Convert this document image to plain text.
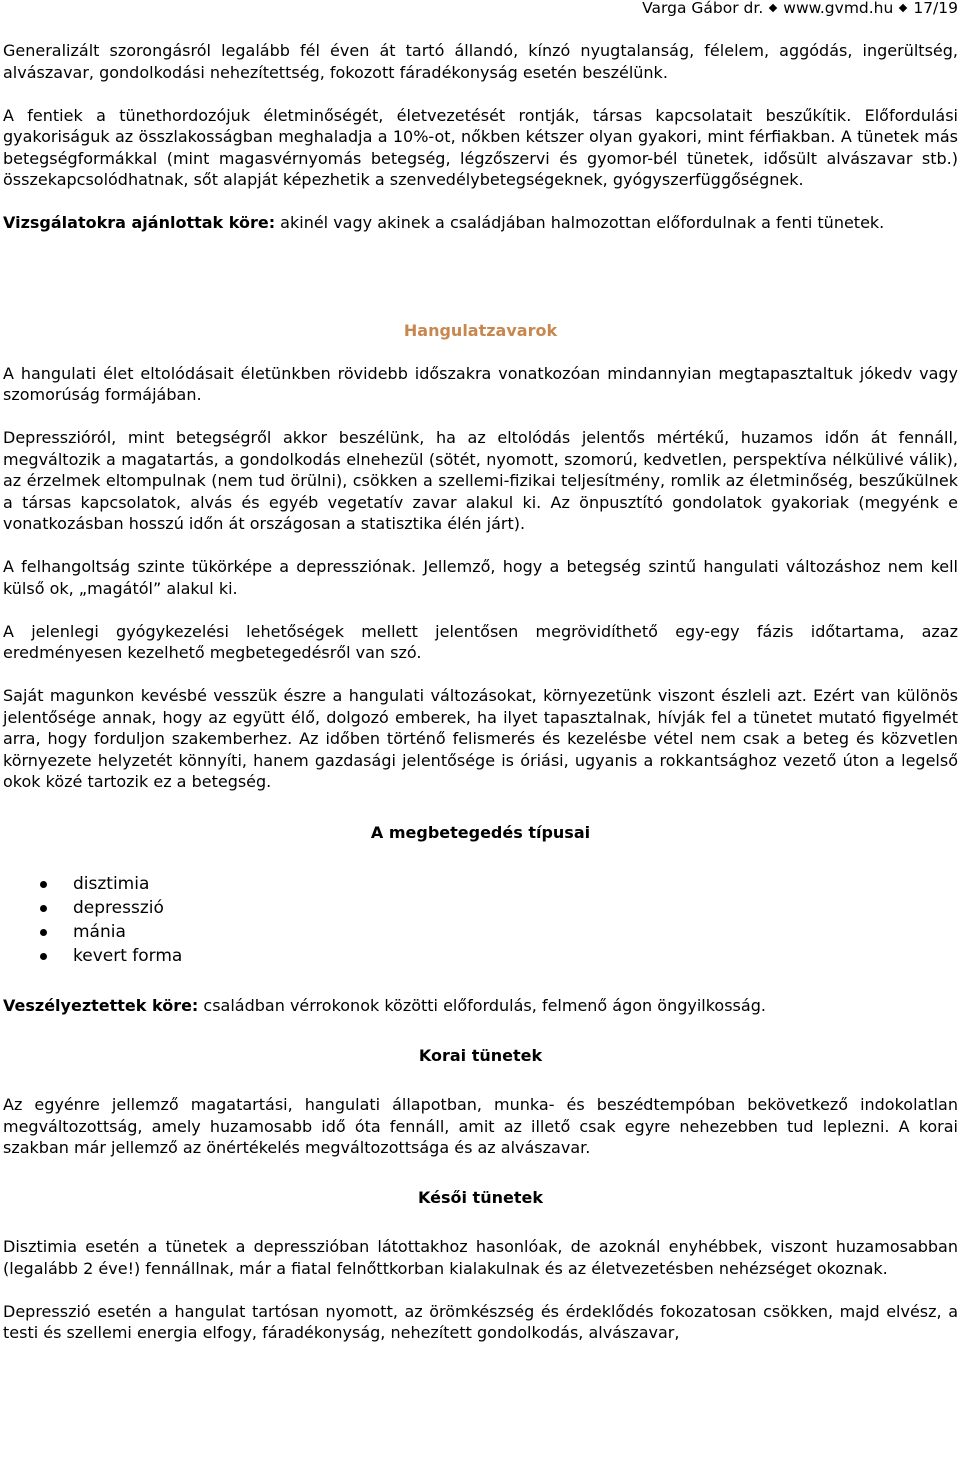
Varga Gábor dr. www.gvmd.hu 17/19

Generalizált szorongásról legalább fél éven át tartó állandó, kínzó nyugtalanság, félelem, aggódás, ingerültség, alvászavar, gondolkodási nehezítettség, fokozott fáradékonyság esetén beszélünk.

A fentiek a tünethordozójuk életminőségét, életvezetését rontják, társas kapcsolatait beszűkítik. Előfordulási gyakoriságuk az összlakosságban meghaladja a 10%-ot, nőkben kétszer olyan gyakori, mint férfiakban. A tünetek más betegségformákkal (mint magasvérnyomás betegség, légzőszervi és gyomor-bél tünetek, idősült alvászavar stb.) összekapcsolódhatnak, sőt alapját képezhetik a szenvedélybetegségeknek, gyógyszerfüggőségnek.

Vizsgálatokra ajánlottak köre: akinél vagy akinek a családjában halmozottan előfordulnak a fenti tünetek.

Hangulatzavarok

A hangulati élet eltolódásait életünkben rövidebb időszakra vonatkozóan mindannyian megtapasztaltuk jókedv vagy szomorúság formájában.

Depresszióról, mint betegségről akkor beszélünk, ha az eltolódás jelentős mértékű, huzamos időn át fennáll, megváltozik a magatartás, a gondolkodás elnehezül (sötét, nyomott, szomorú, kedvetlen, perspektíva nélkülivé válik), az érzelmek eltompulnak (nem tud örülni), csökken a szellemi-fizikai teljesítmény, romlik az életminőség, beszűkülnek a társas kapcsolatok, alvás és egyéb vegetatív zavar alakul ki. Az önpusztító gondolatok gyakoriak (megyénk e vonatkozásban hosszú időn át országosan a statisztika élén járt).

A felhangoltság szinte tükörképe a depressziónak. Jellemző, hogy a betegség szintű hangulati változáshoz nem kell külső ok, „magától” alakul ki.

A jelenlegi gyógykezelési lehetőségek mellett jelentősen megrövidíthető egy-egy fázis időtartama, azaz eredményesen kezelhető megbetegedésről van szó.

Saját magunkon kevésbé vesszük észre a hangulati változásokat, környezetünk viszont észleli azt. Ezért van különös jelentősége annak, hogy az együtt élő, dolgozó emberek, ha ilyet tapasztalnak, hívják fel a tünetet mutató figyelmét arra, hogy forduljon szakemberhez. Az időben történő felismerés és kezelésbe vétel nem csak a beteg és közvetlen környezete helyzetét könnyíti, hanem gazdasági jelentősége is óriási, ugyanis a rokkantsághoz vezető úton a legelső okok közé tartozik ez a betegség.

A megbetegedés típusai

disztimia
depresszió
mánia
kevert forma

Veszélyeztettek köre: családban vérrokonok közötti előfordulás, felmenő ágon öngyilkosság.

Korai tünetek

Az egyénre jellemző magatartási, hangulati állapotban, munka- és beszédtempóban bekövetkező indokolatlan megváltozottság, amely huzamosabb idő óta fennáll, amit az illető csak egyre nehezebben tud leplezni. A korai szakban már jellemző az önértékelés megváltozottsága és az alvászavar.

Késői tünetek

Disztimia esetén a tünetek a depresszióban látottakhoz hasonlóak, de azoknál enyhébbek, viszont huzamosabban (legalább 2 éve!) fennállnak, már a fiatal felnőttkorban kialakulnak és az életvezetésben nehézséget okoznak.

Depresszió esetén a hangulat tartósan nyomott, az örömkészség és érdeklődés fokozatosan csökken, majd elvész, a testi és szellemi energia elfogy, fáradékonyság, nehezített gondolkodás, alvászavar,
